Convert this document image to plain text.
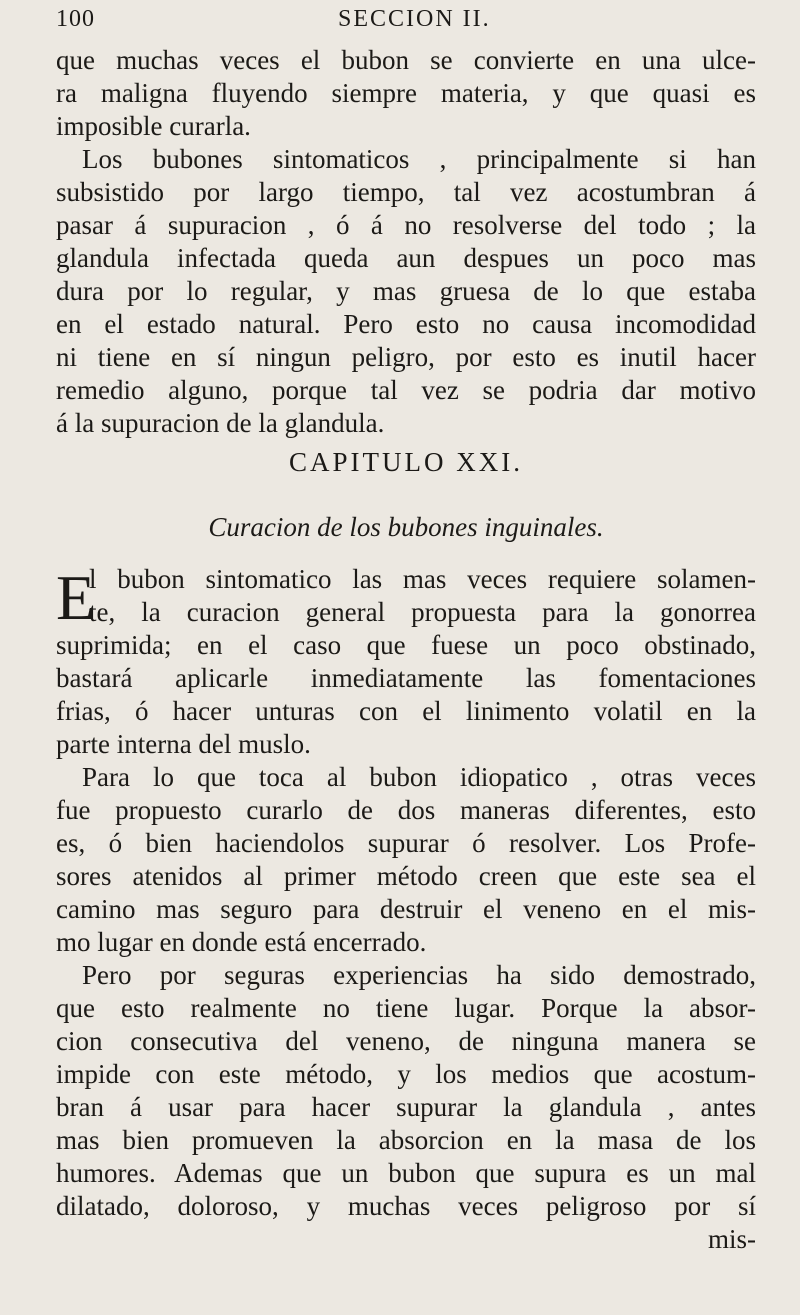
100	SECCION II.
que muchas veces el bubon se convierte en una ulce-
ra maligna fluyendo siempre materia, y que quasi es
imposible curarla.
Los bubones sintomaticos , principalmente si han
subsistido por largo tiempo, tal vez acostumbran á
pasar á supuracion , ó á no resolverse del todo ; la
glandula infectada queda aun despues un poco mas
dura por lo regular, y mas gruesa de lo que estaba
en el estado natural. Pero esto no causa incomodidad
ni tiene en sí ningun peligro, por esto es inutil hacer
remedio alguno, porque tal vez se podria dar motivo
á la supuracion de la glandula.
CAPITULO XXI.
Curacion de los bubones inguinales.
E
l bubon sintomatico las mas veces requiere solamen-
te, la curacion general propuesta para la gonorrea
suprimida; en el caso que fuese un poco obstinado,
bastará aplicarle inmediatamente las fomentaciones
frias, ó hacer unturas con el linimento volatil en la
parte interna del muslo.
Para lo que toca al bubon idiopatico , otras veces
fue propuesto curarlo de dos maneras diferentes, esto
es, ó bien haciendolos supurar ó resolver. Los Profe-
sores atenidos al primer método creen que este sea el
camino mas seguro para destruir el veneno en el mis-
mo lugar en donde está encerrado.
Pero por seguras experiencias ha sido demostrado,
que esto realmente no tiene lugar. Porque la absor-
cion consecutiva del veneno, de ninguna manera se
impide con este método, y los medios que acostum-
bran á usar para hacer supurar la glandula , antes
mas bien promueven la absorcion en la masa de los
humores. Ademas que un bubon que supura es un mal
dilatado, doloroso, y muchas veces peligroso por sí
mis-
